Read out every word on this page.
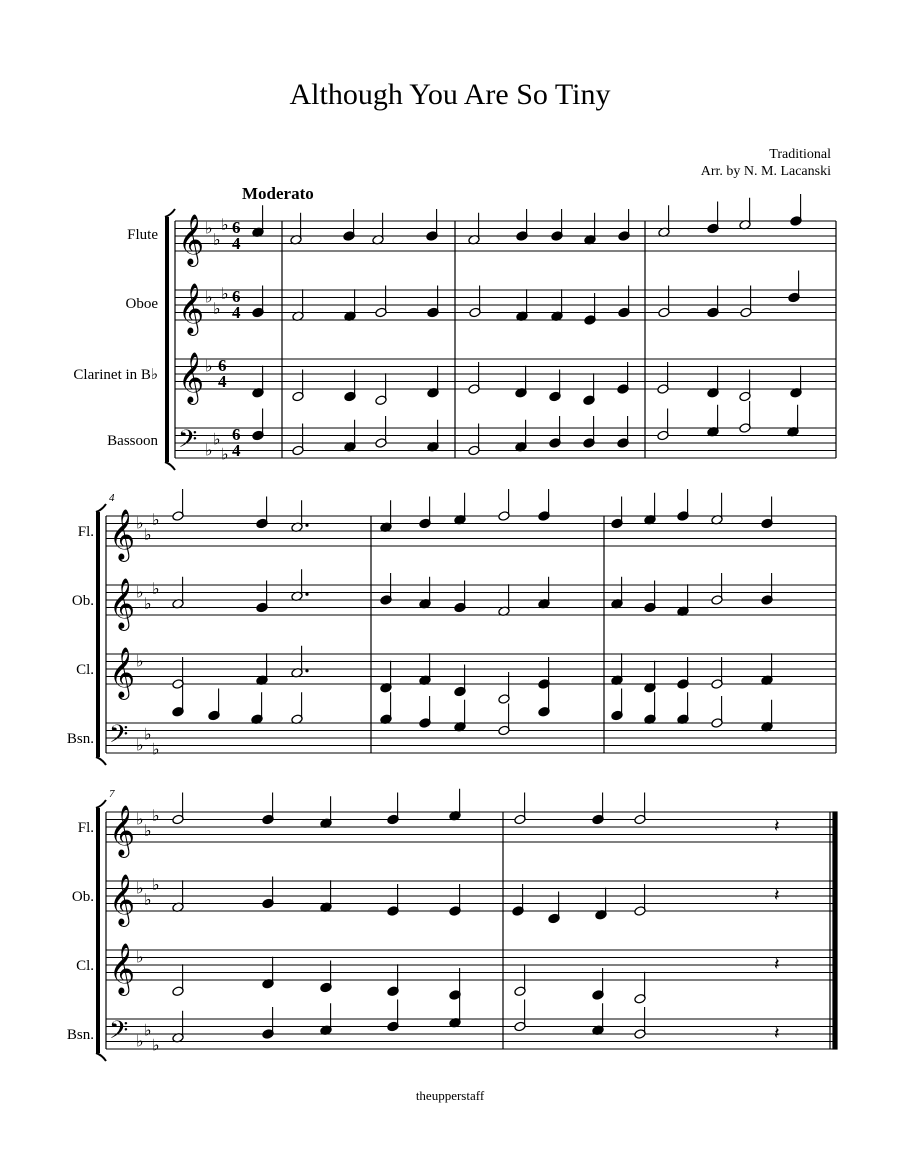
Although You Are So Tiny
Traditional
Arr. by N. M. Lacanski
Moderato
Flute
Oboe
Clarinet in B♭
Bassoon
Fl.
Ob.
Cl.
Bsn.
Fl.
Ob.
Cl.
Bsn.
𝄞 ♭
♭
♭
𝄞 ♭
♭
♭
𝄞 ♭
𝄢 ♭
♭
♭
𝄞 ♭
♭
♭
𝄞 ♭
♭
♭
𝄞 ♭
𝄢 ♭
♭
♭
𝄞 ♭
♭
♭
𝄞 ♭
♭
♭
𝄞 ♭
𝄢 ♭
♭
♭
𝄽
𝄽
𝄽
𝄽
4
7
6
4
6
4
6
4
6
4
theupperstaff
